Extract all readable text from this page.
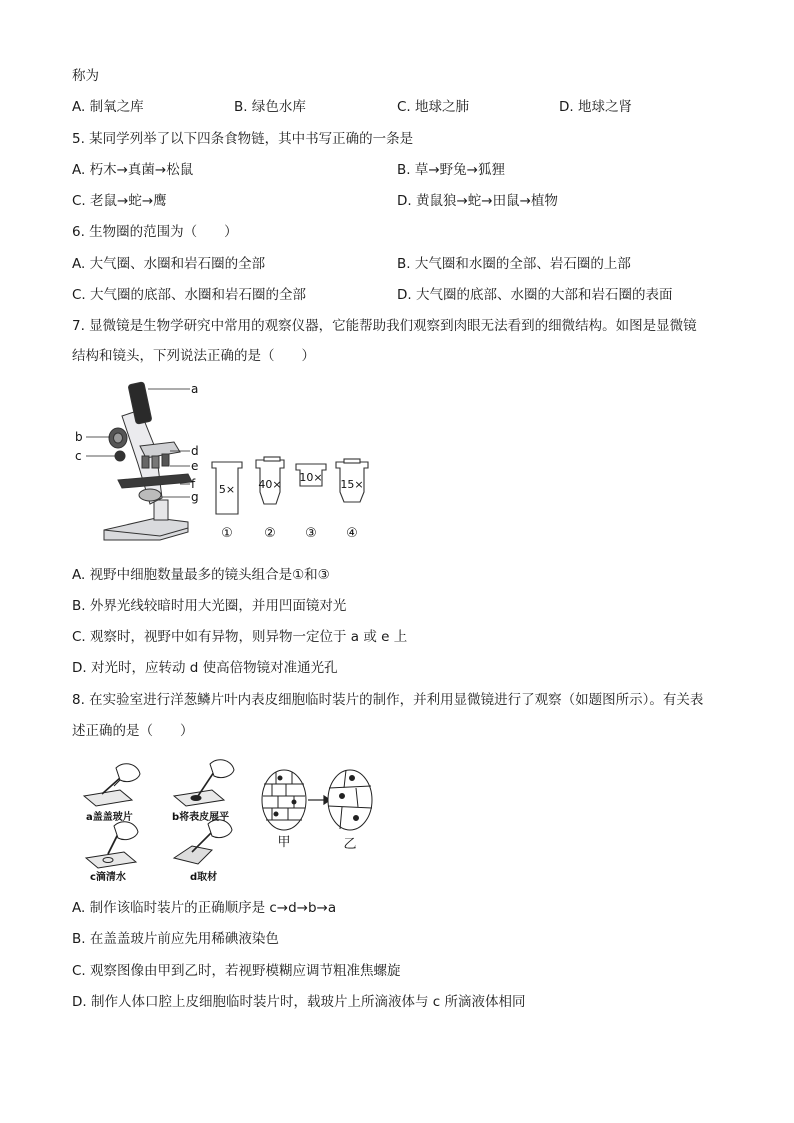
称为
A. 制氧之库	B. 绿色水库	C. 地球之肺	D. 地球之肾
5. 某同学列举了以下四条食物链，其中书写正确的一条是
A. 朽木→真菌→松鼠	B. 草→野兔→狐狸
C. 老鼠→蛇→鹰	D. 黄鼠狼→蛇→田鼠→植物
6. 生物圈的范围为（　　）
A. 大气圈、水圈和岩石圈的全部	B. 大气圈和水圈的全部、岩石圈的上部
C. 大气圈的底部、水圈和岩石圈的全部	D. 大气圈的底部、水圈的大部和岩石圈的表面
7. 显微镜是生物学研究中常用的观察仪器，它能帮助我们观察到肉眼无法看到的细微结构。如图是显微镜
结构和镜头，下列说法正确的是（　　）
a
b
c	d
e
f
g
5× 40×
10×
15×
① ② ③ ④
A. 视野中细胞数量最多的镜头组合是①和③
B. 外界光线较暗时用大光圈，并用凹面镜对光
C. 观察时，视野中如有异物，则异物一定位于 a 或 e 上
D. 对光时，应转动 d 使高倍物镜对准通光孔
8. 在实验室进行洋葱鳞片叶内表皮细胞临时装片的制作，并利用显微镜进行了观察（如题图所示）。有关表
述正确的是（　　）
a盖盖玻片	b将表皮展平
c滴清水	d取材
甲	乙
A. 制作该临时装片的正确顺序是 c→d→b→a
B. 在盖盖玻片前应先用稀碘液染色
C. 观察图像由甲到乙时，若视野模糊应调节粗准焦螺旋
D. 制作人体口腔上皮细胞临时装片时，载玻片上所滴液体与 c 所滴液体相同
